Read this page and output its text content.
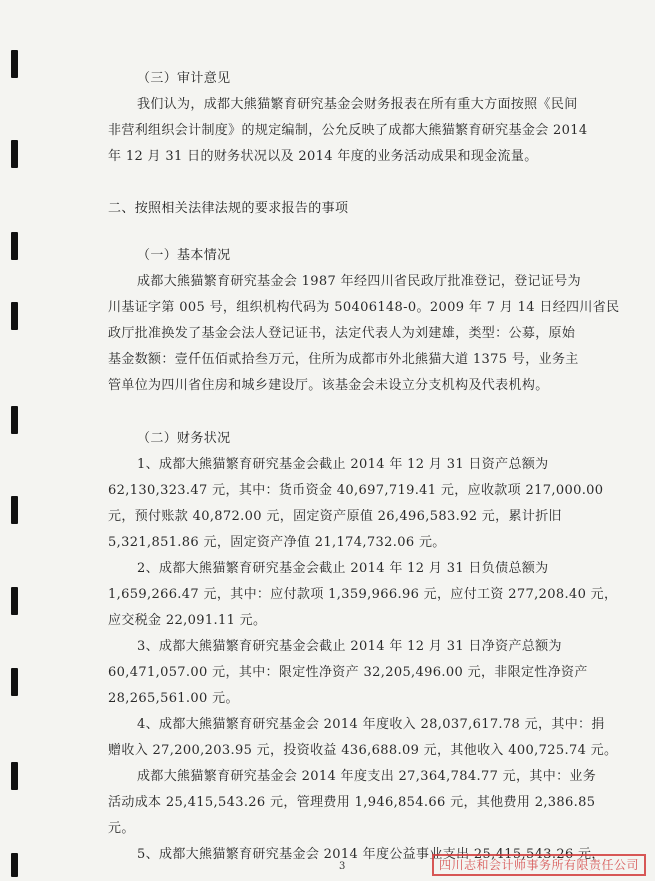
（三）审计意见
我们认为，成都大熊猫繁育研究基金会财务报表在所有重大方面按照《民间
非营利组织会计制度》的规定编制，公允反映了成都大熊猫繁育研究基金会 2014
年 12 月 31 日的财务状况以及 2014 年度的业务活动成果和现金流量。
二、按照相关法律法规的要求报告的事项
（一）基本情况
成都大熊猫繁育研究基金会 1987 年经四川省民政厅批准登记，登记证号为
川基证字第 005 号，组织机构代码为 50406148-0。2009 年 7 月 14 日经四川省民
政厅批准换发了基金会法人登记证书，法定代表人为刘建雄，类型：公募，原始
基金数额：壹仟伍佰贰拾叁万元，住所为成都市外北熊猫大道 1375 号，业务主
管单位为四川省住房和城乡建设厅。该基金会未设立分支机构及代表机构。
（二）财务状况
1、成都大熊猫繁育研究基金会截止 2014 年 12 月 31 日资产总额为
62,130,323.47 元，其中：货币资金 40,697,719.41 元，应收款项 217,000.00
元，预付账款 40,872.00 元，固定资产原值 26,496,583.92 元，累计折旧
5,321,851.86 元，固定资产净值 21,174,732.06 元。
2、成都大熊猫繁育研究基金会截止 2014 年 12 月 31 日负债总额为
1,659,266.47 元，其中：应付款项 1,359,966.96 元，应付工资 277,208.40 元，
应交税金 22,091.11 元。
3、成都大熊猫繁育研究基金会截止 2014 年 12 月 31 日净资产总额为
60,471,057.00 元，其中：限定性净资产 32,205,496.00 元，非限定性净资产
28,265,561.00 元。
4、成都大熊猫繁育研究基金会 2014 年度收入 28,037,617.78 元，其中：捐
赠收入 27,200,203.95 元，投资收益 436,688.09 元，其他收入 400,725.74 元。
成都大熊猫繁育研究基金会 2014 年度支出 27,364,784.77 元，其中：业务
活动成本 25,415,543.26 元，管理费用 1,946,854.66 元，其他费用 2,386.85
元。
5、成都大熊猫繁育研究基金会 2014 年度公益事业支出 25,415,543.26 元，
3	四川志和会计师事务所有限责任公司
